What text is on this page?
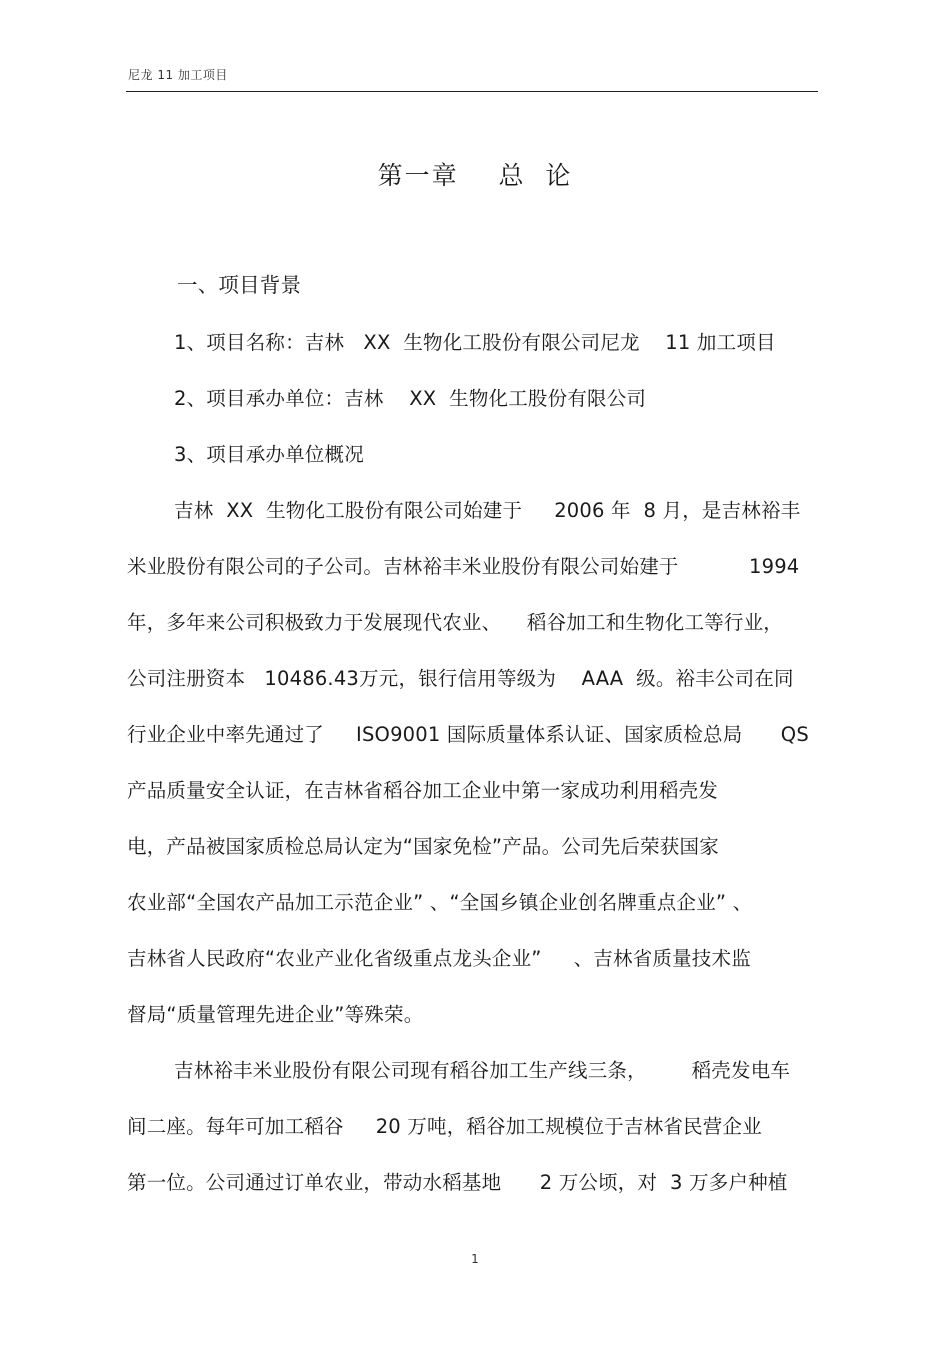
尼龙 11 加工项目
第一章    总  论
一、项目背景
1、项目名称：吉林   XX  生物化工股份有限公司尼龙    11 加工项目
2、项目承办单位：吉林    XX  生物化工股份有限公司
3、项目承办单位概况
吉林  XX  生物化工股份有限公司始建于     2006 年  8 月，是吉林裕丰
米业股份有限公司的子公司。吉林裕丰米业股份有限公司始建于           1994
年，多年来公司积极致力于发展现代农业、    稻谷加工和生物化工等行业，
公司注册资本   10486.43万元，银行信用等级为    AAA  级。裕丰公司在同
行业企业中率先通过了     ISO9001 国际质量体系认证、国家质检总局      QS
产品质量安全认证，在吉林省稻谷加工企业中第一家成功利用稻壳发
电，产品被国家质检总局认定为“国家免检”产品。公司先后荣获国家
农业部“全国农产品加工示范企业” 、“全国乡镇企业创名牌重点企业” 、
吉林省人民政府“农业产业化省级重点龙头企业”     、吉林省质量技术监
督局“质量管理先进企业”等殊荣。
吉林裕丰米业股份有限公司现有稻谷加工生产线三条，       稻壳发电车
间二座。每年可加工稻谷     20 万吨，稻谷加工规模位于吉林省民营企业
第一位。公司通过订单农业，带动水稻基地      2 万公顷，对  3 万多户种植
1
